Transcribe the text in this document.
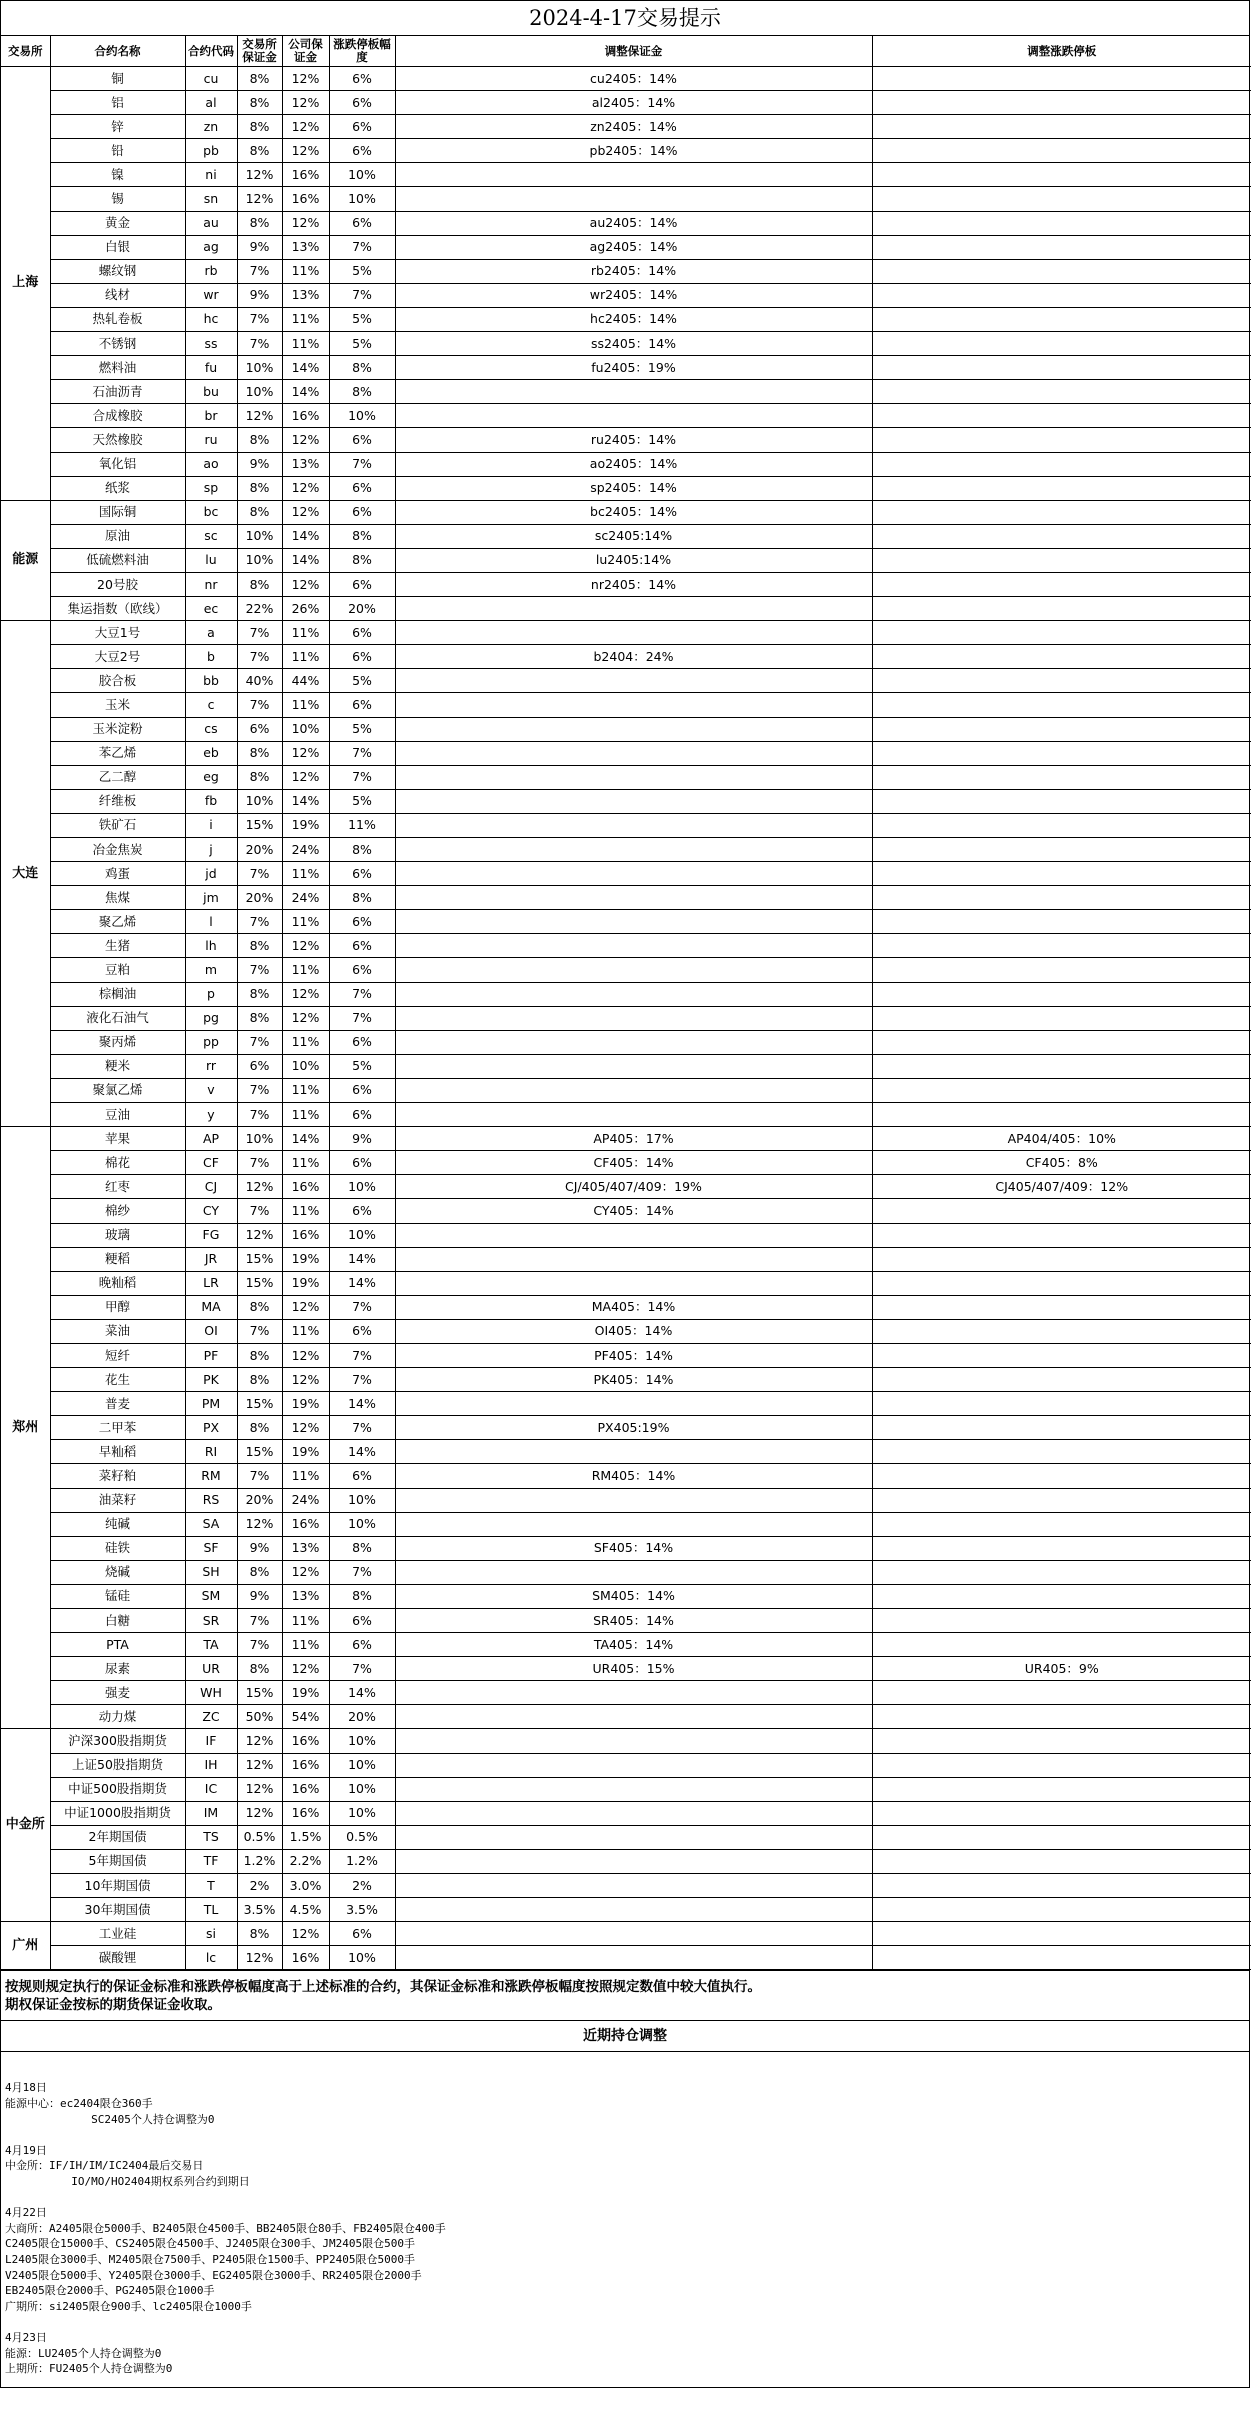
2024-4-17交易提示
交易所	合约名称	合约代码	交易所保证金	公司保证金	涨跌停板幅度	调整保证金	调整涨跌停板
上海	铜	cu	8%	12%	6%	cu2405：14%	
	铝	al	8%	12%	6%	al2405：14%	
	锌	zn	8%	12%	6%	zn2405：14%	
	铅	pb	8%	12%	6%	pb2405：14%	
	镍	ni	12%	16%	10%		
	锡	sn	12%	16%	10%		
	黄金	au	8%	12%	6%	au2405：14%	
	白银	ag	9%	13%	7%	ag2405：14%	
	螺纹钢	rb	7%	11%	5%	rb2405：14%	
	线材	wr	9%	13%	7%	wr2405：14%	
	热轧卷板	hc	7%	11%	5%	hc2405：14%	
	不锈钢	ss	7%	11%	5%	ss2405：14%	
	燃料油	fu	10%	14%	8%	fu2405：19%	
	石油沥青	bu	10%	14%	8%		
	合成橡胶	br	12%	16%	10%		
	天然橡胶	ru	8%	12%	6%	ru2405：14%	
	氧化铝	ao	9%	13%	7%	ao2405：14%	
	纸浆	sp	8%	12%	6%	sp2405：14%	
能源	国际铜	bc	8%	12%	6%	bc2405：14%	
	原油	sc	10%	14%	8%	sc2405:14%	
	低硫燃料油	lu	10%	14%	8%	lu2405:14%	
	20号胶	nr	8%	12%	6%	nr2405：14%	
	集运指数（欧线）	ec	22%	26%	20%		
大连	大豆1号	a	7%	11%	6%		
	大豆2号	b	7%	11%	6%	b2404：24%	
	胶合板	bb	40%	44%	5%		
	玉米	c	7%	11%	6%		
	玉米淀粉	cs	6%	10%	5%		
	苯乙烯	eb	8%	12%	7%		
	乙二醇	eg	8%	12%	7%		
	纤维板	fb	10%	14%	5%		
	铁矿石	i	15%	19%	11%		
	冶金焦炭	j	20%	24%	8%		
	鸡蛋	jd	7%	11%	6%		
	焦煤	jm	20%	24%	8%		
	聚乙烯	l	7%	11%	6%		
	生猪	lh	8%	12%	6%		
	豆粕	m	7%	11%	6%		
	棕榈油	p	8%	12%	7%		
	液化石油气	pg	8%	12%	7%		
	聚丙烯	pp	7%	11%	6%		
	粳米	rr	6%	10%	5%		
	聚氯乙烯	v	7%	11%	6%		
	豆油	y	7%	11%	6%		
郑州	苹果	AP	10%	14%	9%	AP405：17%	AP404/405：10%
	棉花	CF	7%	11%	6%	CF405：14%	CF405：8%
	红枣	CJ	12%	16%	10%	CJ/405/407/409：19%	CJ405/407/409：12%
	棉纱	CY	7%	11%	6%	CY405：14%	
	玻璃	FG	12%	16%	10%		
	粳稻	JR	15%	19%	14%		
	晚籼稻	LR	15%	19%	14%		
	甲醇	MA	8%	12%	7%	MA405：14%	
	菜油	OI	7%	11%	6%	OI405：14%	
	短纤	PF	8%	12%	7%	PF405：14%	
	花生	PK	8%	12%	7%	PK405：14%	
	普麦	PM	15%	19%	14%		
	二甲苯	PX	8%	12%	7%	PX405:19%	
	早籼稻	RI	15%	19%	14%		
	菜籽粕	RM	7%	11%	6%	RM405：14%	
	油菜籽	RS	20%	24%	10%		
	纯碱	SA	12%	16%	10%		
	硅铁	SF	9%	13%	8%	SF405：14%	
	烧碱	SH	8%	12%	7%		
	锰硅	SM	9%	13%	8%	SM405：14%	
	白糖	SR	7%	11%	6%	SR405：14%	
	PTA	TA	7%	11%	6%	TA405：14%	
	尿素	UR	8%	12%	7%	UR405：15%	UR405：9%
	强麦	WH	15%	19%	14%		
	动力煤	ZC	50%	54%	20%		
中金所	沪深300股指期货	IF	12%	16%	10%		
	上证50股指期货	IH	12%	16%	10%		
	中证500股指期货	IC	12%	16%	10%		
	中证1000股指期货	IM	12%	16%	10%		
	2年期国债	TS	0.5%	1.5%	0.5%		
	5年期国债	TF	1.2%	2.2%	1.2%		
	10年期国债	T	2%	3.0%	2%		
	30年期国债	TL	3.5%	4.5%	3.5%		
广州	工业硅	si	8%	12%	6%		
	碳酸锂	lc	12%	16%	10%		
按规则规定执行的保证金标准和涨跌停板幅度高于上述标准的合约，其保证金标准和涨跌停板幅度按照规定数值中较大值执行。
期权保证金按标的期货保证金收取。
近期持仓调整
4月18日
能源中心：ec2404限仓360手
SC2405个人持仓调整为0
4月19日
中金所：IF/IH/IM/IC2404最后交易日
IO/MO/HO2404期权系列合约到期日
4月22日
大商所：A2405限仓5000手、B2405限仓4500手、BB2405限仓80手、FB2405限仓400手
C2405限仓15000手、CS2405限仓4500手、J2405限仓300手、JM2405限仓500手
L2405限仓3000手、M2405限仓7500手、P2405限仓1500手、PP2405限仓5000手
V2405限仓5000手、Y2405限仓3000手、EG2405限仓3000手、RR2405限仓2000手
EB2405限仓2000手、PG2405限仓1000手
广期所：si2405限仓900手、lc2405限仓1000手
4月23日
能源：LU2405个人持仓调整为0
上期所：FU2405个人持仓调整为0
